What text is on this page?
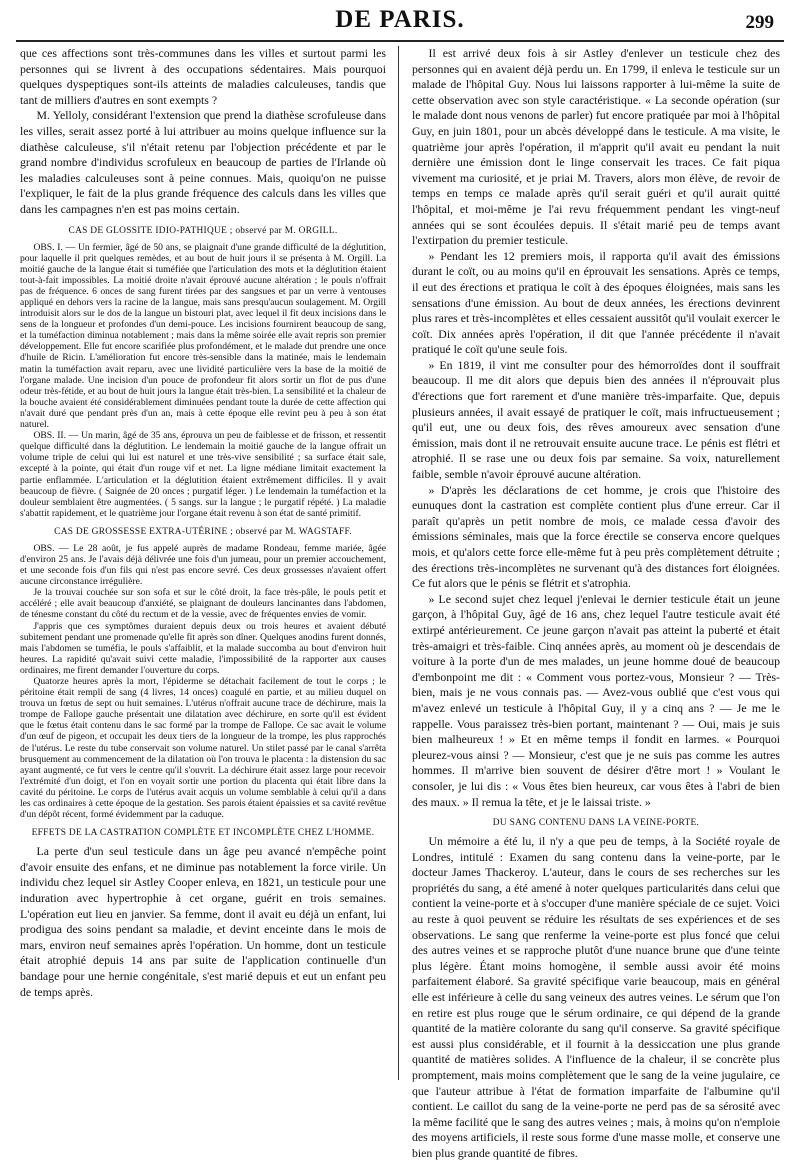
DE PARIS.	299

que ces affections sont très-communes dans les villes et surtout parmi les personnes qui se livrent à des occupations sédentaires. Mais pourquoi quelques dyspeptiques sont-ils atteints de maladies calculeuses, tandis que tant de milliers d'autres en sont exempts ?

M. Yelloly, considérant l'extension que prend la diathèse scrofuleuse dans les villes, serait assez porté à lui attribuer au moins quelque influence sur la diathèse calculeuse, s'il n'était retenu par l'objection précédente et par le grand nombre d'individus scrofuleux en beaucoup de parties de l'Irlande où les maladies calculeuses sont à peine connues. Mais, quoiqu'on ne puisse l'expliquer, le fait de la plus grande fréquence des calculs dans les villes que dans les campagnes n'en est pas moins certain.

CAS DE GLOSSITE IDIO-PATHIQUE ; observé par M. ORGILL.

OBS. I. — Un fermier, âgé de 50 ans, se plaignait d'une grande difficulté de la déglutition, pour laquelle il prit quelques remèdes, et au bout de huit jours il se présenta à M. Orgill. La moitié gauche de la langue était si tuméfiée que l'articulation des mots et la déglutition étaient tout-à-fait impossibles. La moitié droite n'avait éprouvé aucune altération ; le pouls n'offrait pas de fréquence. 6 onces de sang furent tirées par des sangsues et par un verre à ventouses appliqué en dehors vers la racine de la langue, mais sans presqu'aucun soulagement. M. Orgill introduisit alors sur le dos de la langue un bistouri plat, avec lequel il fit deux incisions dans le sens de la longueur et profondes d'un demi-pouce. Les incisions fournirent beaucoup de sang, et la tuméfaction diminua notablement ; mais dans la même soirée elle avait repris son premier développement. Elle fut encore scarifiée plus profondément, et le malade dut prendre une once d'huile de Ricin. L'amélioration fut encore très-sensible dans la matinée, mais le lendemain matin la tuméfaction avait reparu, avec une lividité particulière vers la base de la moitié de l'organe malade. Une incision d'un pouce de profondeur fit alors sortir un flot de pus d'une odeur très-fétide, et au bout de huit jours la langue était très-bien. La sensibilité et la chaleur de la bouche avaient été considérablement diminuées pendant toute la durée de cette affection qui n'avait duré que pendant près d'un an, mais à cette époque elle revint peu à peu à son état naturel.

OBS. II. — Un marin, âgé de 35 ans, éprouva un peu de faiblesse et de frisson, et ressentit quelque difficulté dans la déglutition. Le lendemain la moitié gauche de la langue offrait un volume triple de celui qui lui est naturel et une très-vive sensibilité ; sa surface était sale, excepté à la pointe, qui était d'un rouge vif et net. La ligne médiane limitait exactement la partie enflammée. L'articulation et la déglutition étaient extrêmement difficiles. Il y avait beaucoup de fièvre. ( Saignée de 20 onces ; purgatif léger. ) Le lendemain la tuméfaction et la douleur semblaient être augmentées. ( 5 sangs. sur la langue ; le purgatif répété. ) La maladie s'abattit rapidement, et le quatrième jour l'organe était revenu à son état de santé primitif.

CAS DE GROSSESSE EXTRA-UTÉRINE ; observé par M. WAGSTAFF.

OBS. — Le 28 août, je fus appelé auprès de madame Rondeau, femme mariée, âgée d'environ 25 ans. Je l'avais déjà délivrée une fois d'un jumeau, pour un premier accouchement, et une seconde fois d'un fils qui n'est pas encore sevré. Ces deux grossesses n'avaient offert aucune circonstance irrégulière.

Je la trouvai couchée sur son sofa et sur le côté droit, la face très-pâle, le pouls petit et accéléré ; elle avait beaucoup d'anxiété, se plaignant de douleurs lancinantes dans l'abdomen, de ténesme constant du côté du rectum et de la vessie, avec de fréquentes envies de vomir.

J'appris que ces symptômes duraient depuis deux ou trois heures et avaient débuté subitement pendant une promenade qu'elle fit après son dîner. Quelques anodins furent donnés, mais l'abdomen se tuméfia, le pouls s'affaiblit, et la malade succomba au bout d'environ huit heures. La rapidité qu'avait suivi cette maladie, l'impossibilité de la rapporter aux causes ordinaires, me firent demander l'ouverture du corps.

Quatorze heures après la mort, l'épiderme se détachait facilement de tout le corps ; le péritoine était rempli de sang (4 livres, 14 onces) coagulé en partie, et au milieu duquel on trouva un fœtus de sept ou huit semaines. L'utérus n'offrait aucune trace de déchirure, mais la trompe de Fallope gauche présentait une dilatation avec déchirure, en sorte qu'il est évident que le fœtus était contenu dans le sac formé par la trompe de Fallope. Ce sac avait le volume d'un œuf de pigeon, et occupait les deux tiers de la longueur de la trompe, les plus rapprochés de l'utérus. Le reste du tube conservait son volume naturel. Un stilet passé par le canal s'arrêta brusquement au commencement de la dilatation où l'on trouva le placenta : la distension du sac ayant augmenté, ce fut vers le centre qu'il s'ouvrit. La déchirure était assez large pour recevoir l'extrémité d'un doigt, et l'on en voyait sortir une portion du placenta qui était libre dans la cavité du péritoine. Le corps de l'utérus avait acquis un volume semblable à celui qu'il a dans les cas ordinaires à cette époque de la gestation. Ses parois étaient épaissies et sa cavité revêtue d'un dépôt récent, formé évidemment par la caduque.

EFFETS DE LA CASTRATION COMPLÈTE ET INCOMPLÈTE CHEZ L'HOMME.

La perte d'un seul testicule dans un âge peu avancé n'empêche point d'avoir ensuite des enfans, et ne diminue pas notablement la force virile. Un individu chez lequel sir Astley Cooper enleva, en 1821, un testicule pour une induration avec hypertrophie à cet organe, guérit en trois semaines. L'opération eut lieu en janvier. Sa femme, dont il avait eu déjà un enfant, lui prodigua des soins pendant sa maladie, et devint enceinte dans le mois de mars, environ neuf semaines après l'opération. Un homme, dont un testicule était atrophié depuis 14 ans par suite de l'application continuelle d'un bandage pour une hernie congénitale, s'est marié depuis et eut un enfant peu de temps après.

Il est arrivé deux fois à sir Astley d'enlever un testicule chez des personnes qui en avaient déjà perdu un. En 1799, il enleva le testicule sur un malade de l'hôpital Guy. Nous lui laissons rapporter à lui-même la suite de cette observation avec son style caractéristique. « La seconde opération (sur le malade dont nous venons de parler) fut encore pratiquée par moi à l'hôpital Guy, en juin 1801, pour un abcès développé dans le testicule. A ma visite, le quatrième jour après l'opération, il m'apprit qu'il avait eu pendant la nuit dernière une émission dont le linge conservait les traces. Ce fait piqua vivement ma curiosité, et je priai M. Travers, alors mon élève, de revoir de temps en temps ce malade après qu'il serait guéri et qu'il aurait quitté l'hôpital, et moi-même je l'ai revu fréquemment pendant les vingt-neuf années qui se sont écoulées depuis. Il s'était marié peu de temps avant l'extirpation du premier testicule.

» Pendant les 12 premiers mois, il rapporta qu'il avait des émissions durant le coït, ou au moins qu'il en éprouvait les sensations. Après ce temps, il eut des érections et pratiqua le coït à des époques éloignées, mais sans les sensations d'une émission. Au bout de deux années, les érections devinrent plus rares et très-incomplètes et elles cessaient aussitôt qu'il voulait exercer le coït. Dix années après l'opération, il dit que l'année précédente il n'avait pratiqué le coït qu'une seule fois.

» En 1819, il vint me consulter pour des hémorroïdes dont il souffrait beaucoup. Il me dit alors que depuis bien des années il n'éprouvait plus d'érections que fort rarement et d'une manière très-imparfaite. Que, depuis plusieurs années, il avait essayé de pratiquer le coït, mais infructueusement ; qu'il eut, une ou deux fois, des rêves amoureux avec sensation d'une émission, mais dont il ne retrouvait ensuite aucune trace. Le pénis est flétri et atrophié. Il se rase une ou deux fois par semaine. Sa voix, naturellement faible, semble n'avoir éprouvé aucune altération.

» D'après les déclarations de cet homme, je crois que l'histoire des eunuques dont la castration est complète contient plus d'une erreur. Car il paraît qu'après un petit nombre de mois, ce malade cessa d'avoir des émissions séminales, mais que la force érectile se conserva encore quelques mois, et qu'alors cette force elle-même fut à peu près complètement détruite ; des érections très-incomplètes ne survenant qu'à des distances fort éloignées. Ce fut alors que le pénis se flétrit et s'atrophia.

» Le second sujet chez lequel j'enlevai le dernier testicule était un jeune garçon, à l'hôpital Guy, âgé de 16 ans, chez lequel l'autre testicule avait été extirpé antérieurement. Ce jeune garçon n'avait pas atteint la puberté et était très-amaigri et très-faible. Cinq années après, au moment où je descendais de voiture à la porte d'un de mes malades, un jeune homme doué de beaucoup d'embonpoint me dit : « Comment vous portez-vous, Monsieur ? — Très-bien, mais je ne vous connais pas. — Avez-vous oublié que c'est vous qui m'avez enlevé un testicule à l'hôpital Guy, il y a cinq ans ? — Je me le rappelle. Vous paraissez très-bien portant, maintenant ? — Oui, mais je suis bien malheureux ! » Et en même temps il fondit en larmes. « Pourquoi pleurez-vous ainsi ? — Monsieur, c'est que je ne suis pas comme les autres hommes. Il m'arrive bien souvent de désirer d'être mort ! » Voulant le consoler, je lui dis : « Vous êtes bien heureux, car vous êtes à l'abri de bien des maux. » Il remua la tête, et je le laissai triste. »

DU SANG CONTENU DANS LA VEINE-PORTE.

Un mémoire a été lu, il n'y a que peu de temps, à la Société royale de Londres, intitulé : Examen du sang contenu dans la veine-porte, par le docteur James Thackeroy. L'auteur, dans le cours de ses recherches sur les propriétés du sang, a été amené à noter quelques particularités dans celui que contient la veine-porte et à s'occuper d'une manière spéciale de ce sujet. Voici au reste à quoi peuvent se réduire les résultats de ses expériences et de ses observations. Le sang que renferme la veine-porte est plus foncé que celui des autres veines et se rapproche plutôt d'une nuance brune que d'une teinte plus légère. Étant moins homogène, il semble aussi avoir été moins parfaitement élaboré. Sa gravité spécifique varie beaucoup, mais en général elle est inférieure à celle du sang veineux des autres veines. Le sérum que l'on en retire est plus rouge que le sérum ordinaire, ce qui dépend de la grande quantité de la matière colorante du sang qu'il conserve. Sa gravité spécifique est aussi plus considérable, et il fournit à la dessiccation une plus grande quantité de matières solides. A l'influence de la chaleur, il se concrète plus promptement, mais moins complètement que le sang de la veine jugulaire, ce que l'auteur attribue à l'état de formation imparfaite de l'albumine qu'il contient. Le caillot du sang de la veine-porte ne perd pas de sa sérosité avec la même facilité que le sang des autres veines ; mais, à moins qu'on n'emploie des moyens artificiels, il reste sous forme d'une masse molle, et conserve une bien plus grande quantité de fibres.
